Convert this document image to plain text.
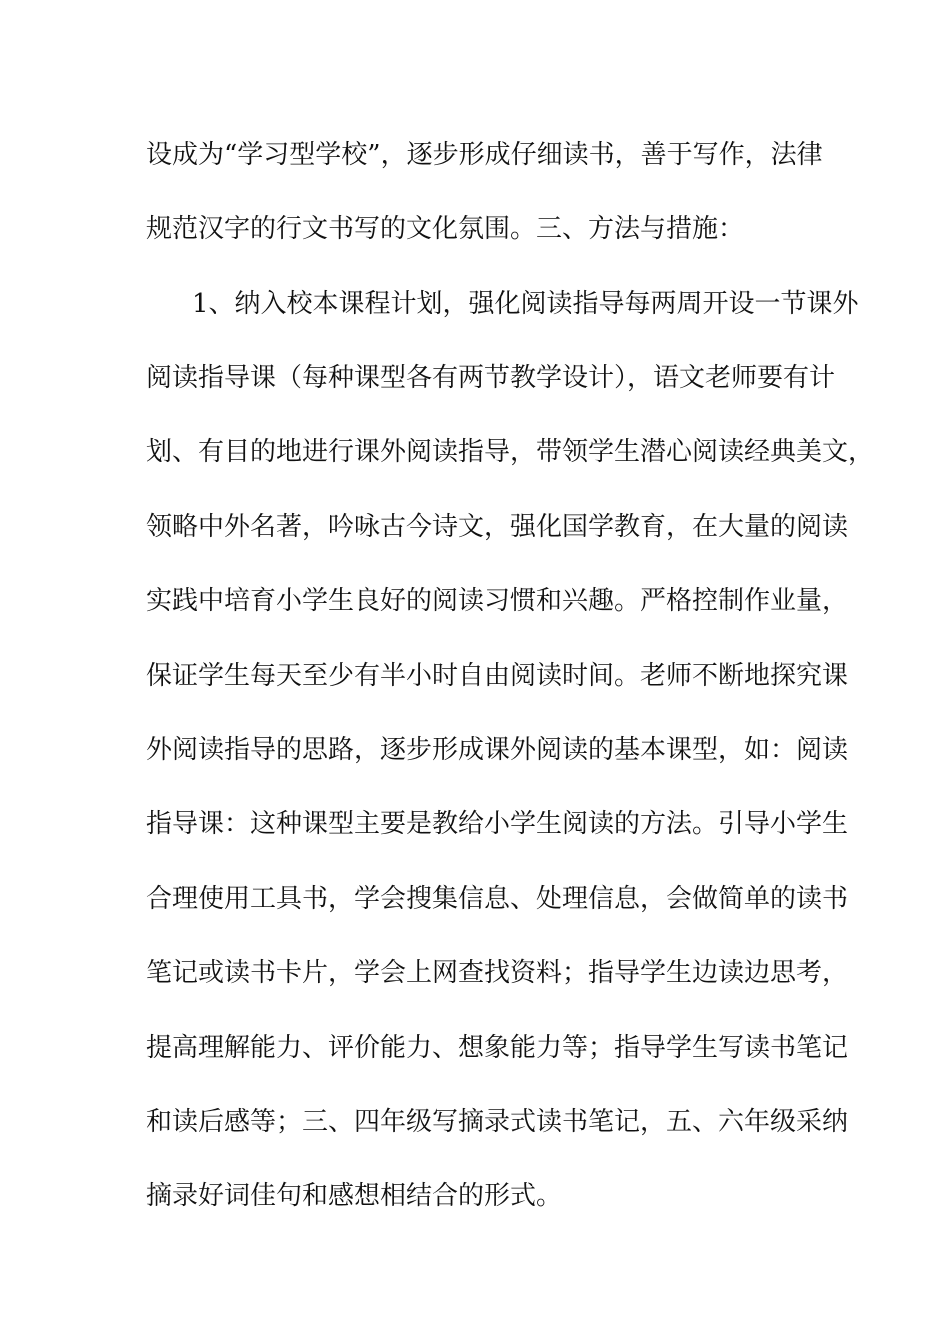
设成为“学习型学校”，逐步形成仔细读书，善于写作，法律
规范汉字的行文书写的文化氛围。三、方法与措施：
1、纳入校本课程计划，强化阅读指导每两周开设一节课外
阅读指导课（每种课型各有两节教学设计），语文老师要有计
划、有目的地进行课外阅读指导，带领学生潜心阅读经典美文，
领略中外名著，吟咏古今诗文，强化国学教育，在大量的阅读
实践中培育小学生良好的阅读习惯和兴趣。严格控制作业量，
保证学生每天至少有半小时自由阅读时间。老师不断地探究课
外阅读指导的思路，逐步形成课外阅读的基本课型，如：阅读
指导课：这种课型主要是教给小学生阅读的方法。引导小学生
合理使用工具书，学会搜集信息、处理信息，会做简单的读书
笔记或读书卡片，学会上网查找资料；指导学生边读边思考，
提高理解能力、评价能力、想象能力等；指导学生写读书笔记
和读后感等；三、四年级写摘录式读书笔记，五、六年级采纳
摘录好词佳句和感想相结合的形式。
